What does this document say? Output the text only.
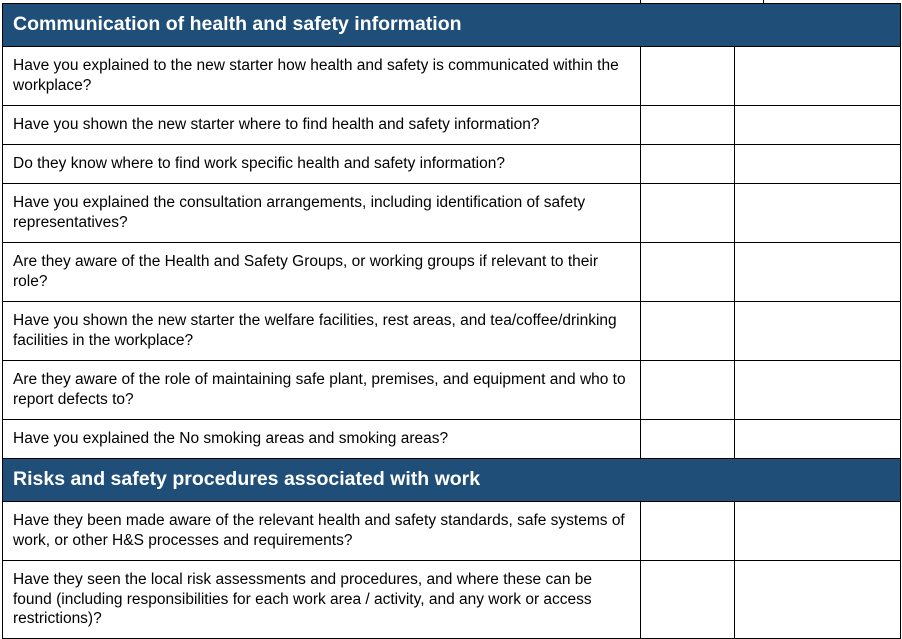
Communication of health and safety information		
Have you explained to the new starter how health and safety is communicated within the workplace?		
Have you shown the new starter where to find health and safety information?		
Do they know where to find work specific health and safety information?		
Have you explained the consultation arrangements, including identification of safety representatives?		
Are they aware of the Health and Safety Groups, or working groups if relevant to their role?		
Have you shown the new starter the welfare facilities, rest areas, and tea/coffee/drinking facilities in the workplace?		
Are they aware of the role of maintaining safe plant, premises, and equipment and who to report defects to?		
Have you explained the No smoking areas and smoking areas?		
Risks and safety procedures associated with work		
Have they been made aware of the relevant health and safety standards, safe systems of work, or other H&S processes and requirements?		
Have they seen the local risk assessments and procedures, and where these can be found (including responsibilities for each work area / activity, and any work or access restrictions)?		
